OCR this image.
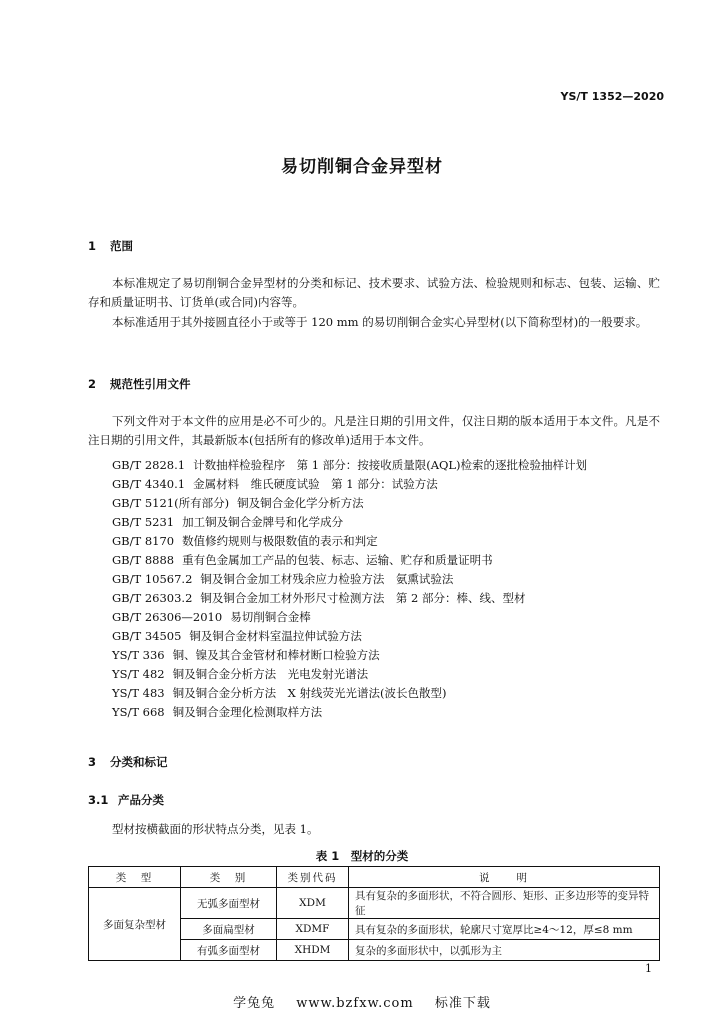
YS/T 1352—2020
易切削铜合金异型材
1 范围
本标准规定了易切削铜合金异型材的分类和标记、技术要求、试验方法、检验规则和标志、包装、运输、贮存和质量证明书、订货单(或合同)内容等。
本标准适用于其外接圆直径小于或等于 120 mm 的易切削铜合金实心异型材(以下简称型材)的一般要求。
2 规范性引用文件
下列文件对于本文件的应用是必不可少的。凡是注日期的引用文件，仅注日期的版本适用于本文件。凡是不注日期的引用文件，其最新版本(包括所有的修改单)适用于本文件。
GB/T 2828.1 计数抽样检验程序　第 1 部分：按接收质量限(AQL)检索的逐批检验抽样计划
GB/T 4340.1 金属材料　维氏硬度试验　第 1 部分：试验方法
GB/T 5121(所有部分) 铜及铜合金化学分析方法
GB/T 5231 加工铜及铜合金牌号和化学成分
GB/T 8170 数值修约规则与极限数值的表示和判定
GB/T 8888 重有色金属加工产品的包装、标志、运输、贮存和质量证明书
GB/T 10567.2 铜及铜合金加工材残余应力检验方法　氨熏试验法
GB/T 26303.2 铜及铜合金加工材外形尺寸检测方法　第 2 部分：棒、线、型材
GB/T 26306—2010 易切削铜合金棒
GB/T 34505 铜及铜合金材料室温拉伸试验方法
YS/T 336 铜、镍及其合金管材和棒材断口检验方法
YS/T 482 铜及铜合金分析方法　光电发射光谱法
YS/T 483 铜及铜合金分析方法　X 射线荧光光谱法(波长色散型)
YS/T 668 铜及铜合金理化检测取样方法
3 分类和标记
3.1 产品分类
型材按横截面的形状特点分类，见表 1。
表 1　型材的分类
类　型	类　别	类别代码	说　　明
多面复杂型材	无弧多面型材	XDM	具有复杂的多面形状，不符合圆形、矩形、正多边形等的变异特征
	多面扁型材	XDMF	具有复杂的多面形状，轮廓尺寸宽厚比≥4～12，厚≤8 mm
	有弧多面型材	XHDM	复杂的多面形状中，以弧形为主
1
学兔兔 www.bzfxw.com 标准下载
